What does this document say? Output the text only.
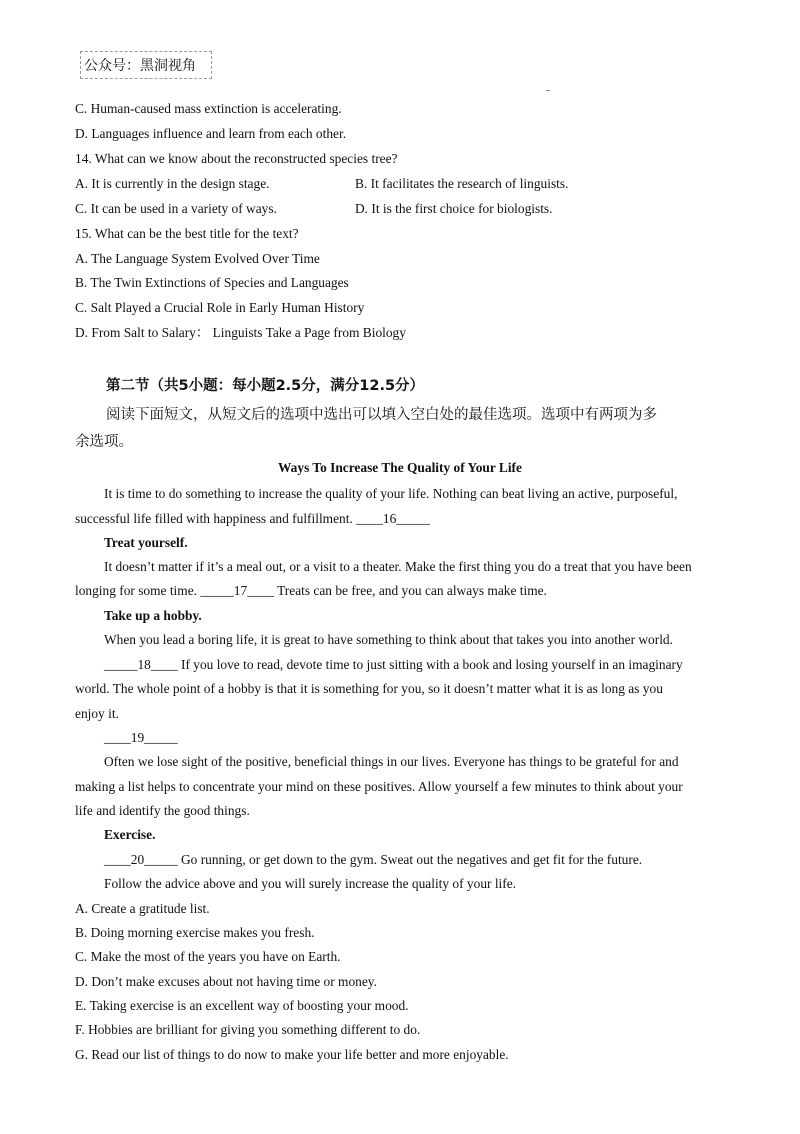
公众号：黑洞视角
C. Human-caused mass extinction is accelerating.
D. Languages influence and learn from each other.
14. What can we know about the reconstructed species tree?
A. It is currently in the design stage.	B. It facilitates the research of linguists.
C. It can be used in a variety of ways.	D. It is the first choice for biologists.
15. What can be the best title for the text?
A. The Language System Evolved Over Time
B. The Twin Extinctions of Species and Languages
C. Salt Played a Crucial Role in Early Human History
D. From Salt to Salary： Linguists Take a Page from Biology
第二节（共5小题：每小题2.5分，满分12.5分）
阅读下面短文，从短文后的选项中选出可以填入空白处的最佳选项。选项中有两项为多
余选项。
Ways To Increase The Quality of Your Life
It is time to do something to increase the quality of your life. Nothing can beat living an active, purposeful,
successful life filled with happiness and fulfillment. ____16_____
Treat yourself.
It doesn’t matter if it’s a meal out, or a visit to a theater. Make the first thing you do a treat that you have been
longing for some time. _____17____ Treats can be free, and you can always make time.
Take up a hobby.
When you lead a boring life, it is great to have something to think about that takes you into another world.
_____18____ If you love to read, devote time to just sitting with a book and losing yourself in an imaginary
world. The whole point of a hobby is that it is something for you, so it doesn’t matter what it is as long as you
enjoy it.
____19_____
Often we lose sight of the positive, beneficial things in our lives. Everyone has things to be grateful for and
making a list helps to concentrate your mind on these positives. Allow yourself a few minutes to think about your
life and identify the good things.
Exercise.
____20_____ Go running, or get down to the gym. Sweat out the negatives and get fit for the future.
Follow the advice above and you will surely increase the quality of your life.
A. Create a gratitude list.
B. Doing morning exercise makes you fresh.
C. Make the most of the years you have on Earth.
D. Don’t make excuses about not having time or money.
E. Taking exercise is an excellent way of boosting your mood.
F. Hobbies are brilliant for giving you something different to do.
G. Read our list of things to do now to make your life better and more enjoyable.
